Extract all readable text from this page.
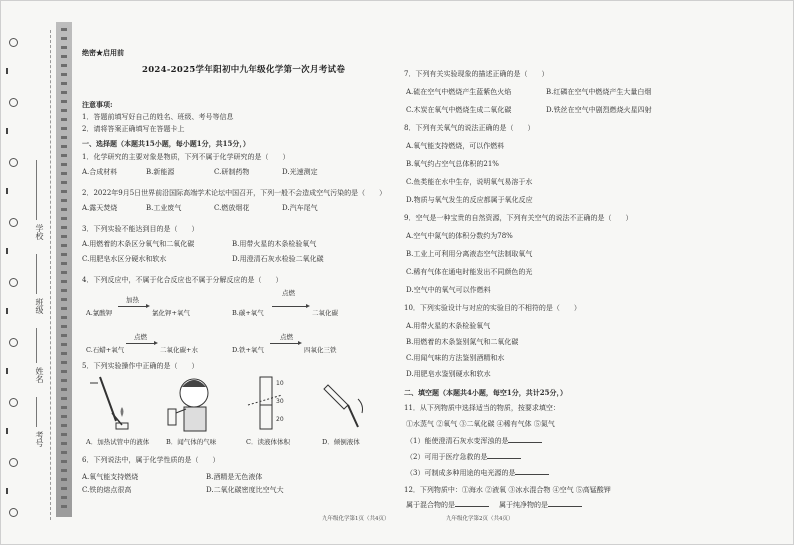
学校
班级
姓名
考号
绝密★启用前
2024-2025学年阳初中九年级化学第一次月考试卷
注意事项:
1．答题前填写好自己的姓名、班级、考号等信息
2．请将答案正确填写在答题卡上
一、选择题（本题共15小题，每小题1分，共15分，）
1．化学研究的主要对象是物质，下列不属于化学研究的是（　　）
A.合成材料	B.新能源	C.研制药物	D.光速测定
2．2022年9月5日世界前沿国际高端学术论坛中国召开，下列一般不会造成空气污染的是（　　）
A.露天焚烧	B.工业废气	C.燃放烟花	D.汽车尾气
3．下列实验不能达到目的是（　　）
A.用燃着的木条区分氧气和二氧化碳	B.用带火星的木条检验氧气
C.用肥皂水区分硬水和软水	D.用澄清石灰水检验二氧化碳
4．下列反应中，不属于化合反应也不属于分解反应的是（　　）
A.氯酸钾
加热
氯化钾+氧气	B.碳+氧气
点燃
二氧化碳
C.石蜡+氧气
点燃
二氧化碳+水	D.铁+氧气
点燃
四氧化三铁
5．下列实验操作中正确的是（　　）
6．下列说法中，属于化学性质的是（　　）
A.氧气能支持燃烧	B.酒精是无色液体
C.铁的熔点很高	D.二氧化碳密度比空气大
10
30
20
A．加热试管中的液体	B．闻气体的气味	C．读液体体积	D．倾倒液体
7．下列有关实验现象的描述正确的是（　　）
A.硫在空气中燃烧产生蓝紫色火焰	B.红磷在空气中燃烧产生大量白烟
C.木炭在氧气中燃烧生成二氧化碳	D.铁丝在空气中剧烈燃烧火星四射
8．下列有关氧气的说法正确的是（　　）
A.氧气能支持燃烧，可以作燃料
B.氧气约占空气总体积的21%
C.鱼类能在水中生存，说明氧气易溶于水
D.物质与氧气发生的反应都属于氧化反应
9．空气是一种宝贵的自然资源，下列有关空气的说法不正确的是（　　）
A.空气中氮气的体积分数约为78%
B.工业上可利用分离液态空气法制取氧气
C.稀有气体在通电时能发出不同颜色的光
D.空气中的氧气可以作燃料
10．下列实验设计与对应的实验目的不相符的是（　　）
A.用带火星的木条检验氧气
B.用燃着的木条鉴别氮气和二氧化碳
C.用闻气味的方法鉴别酒精和水
D.用肥皂水鉴别硬水和软水
二、填空题（本题共4小题，每空1分，共计25分，）
11．从下列物质中选择适当的物质，按要求填空：
①水蒸气 ②氧气 ③二氧化碳 ④稀有气体 ⑤氮气
（1）能使澄清石灰水变浑浊的是
（2）可用于医疗急救的是
（3）可制成多种用途的电光源的是
12．下列物质中：①海水 ②液氧 ③冰水混合物 ④空气 ⑤高锰酸钾
属于混合物的是	属于纯净物的是
九年级化学第1页（共4页）	九年级化学第2页（共4页）
